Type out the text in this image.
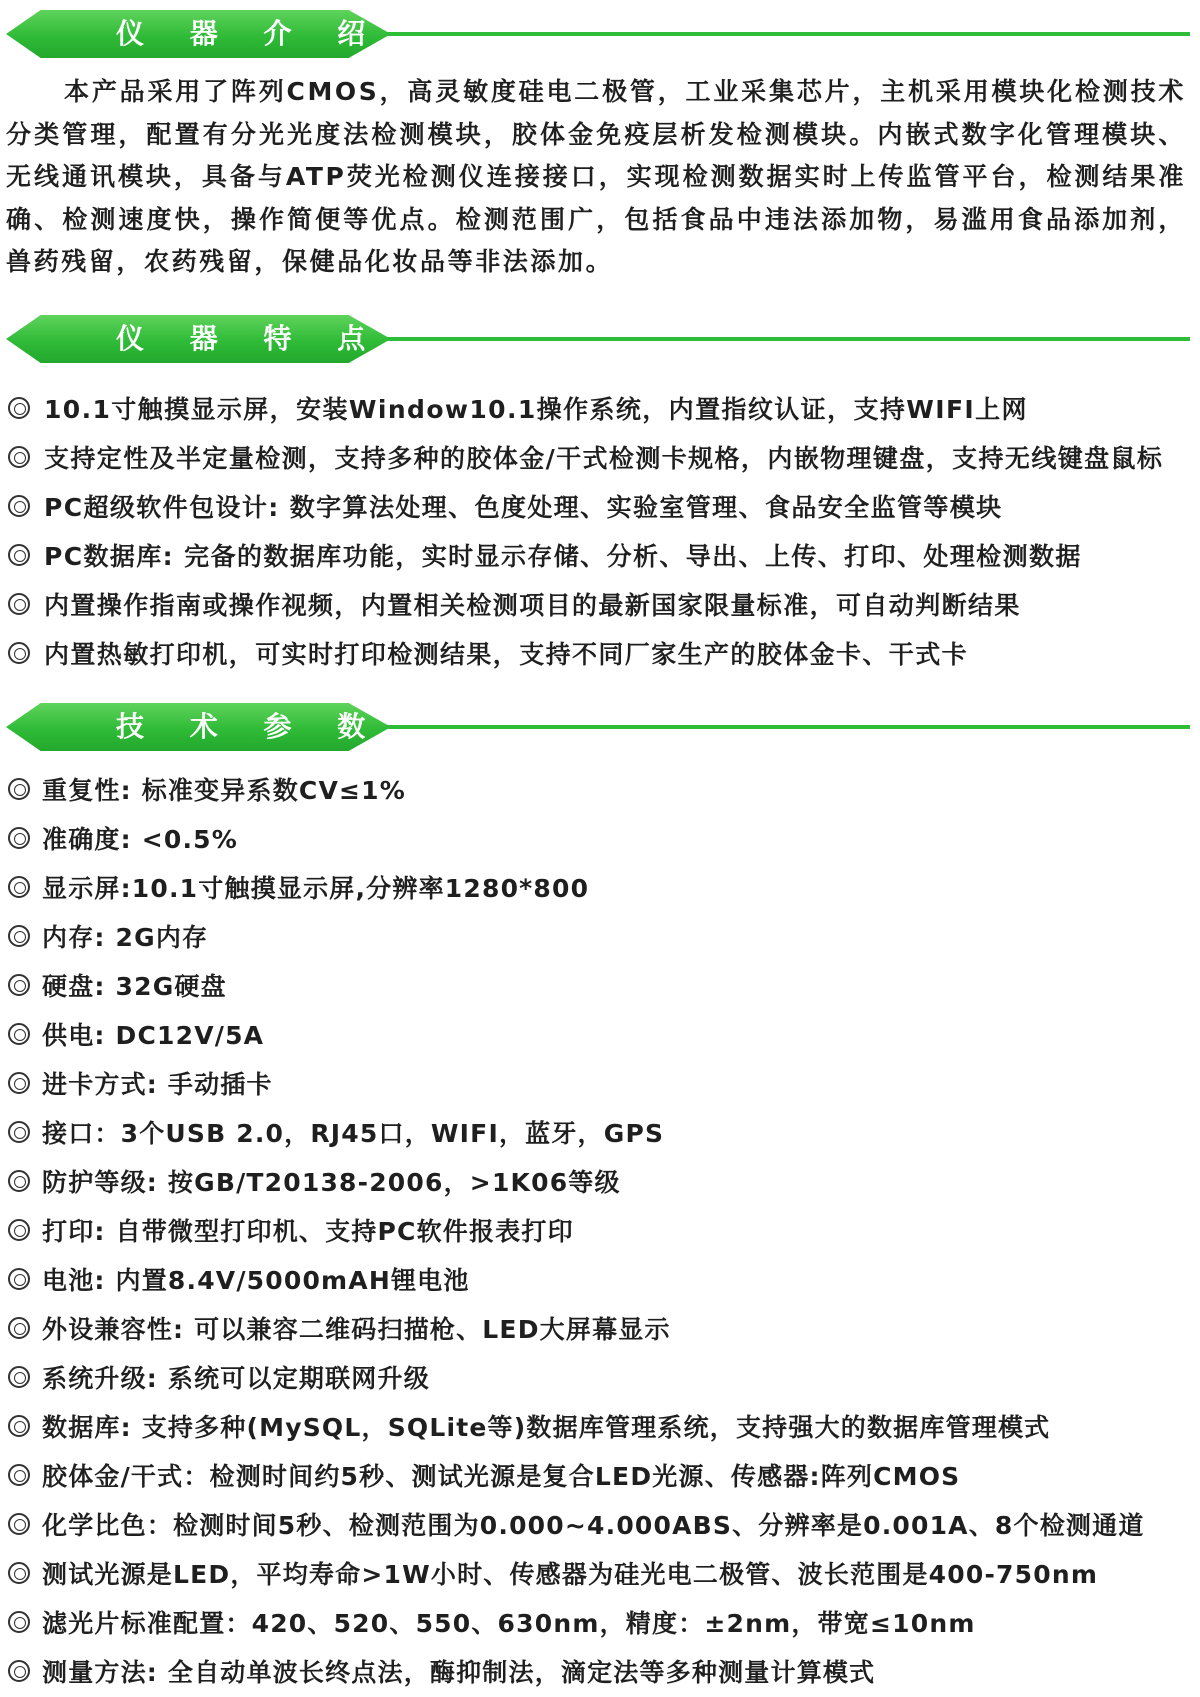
仪 器 介 绍

本产品采用了阵列CMOS，高灵敏度硅电二极管，工业采集芯片，主机采用模块化检测技术分类管理，配置有分光光度法检测模块，胶体金免疫层析发检测模块。内嵌式数字化管理模块、无线通讯模块，具备与ATP荧光检测仪连接接口，实现检测数据实时上传监管平台，检测结果准确、检测速度快，操作简便等优点。检测范围广，包括食品中违法添加物，易滥用食品添加剂，兽药残留，农药残留，保健品化妆品等非法添加。

仪 器 特 点
10.1寸触摸显示屏，安装Window10.1操作系统，内置指纹认证，支持WIFI上网
支持定性及半定量检测，支持多种的胶体金/干式检测卡规格，内嵌物理键盘，支持无线键盘鼠标
PC超级软件包设计: 数字算法处理、色度处理、实验室管理、食品安全监管等模块
PC数据库: 完备的数据库功能，实时显示存储、分析、导出、上传、打印、处理检测数据
内置操作指南或操作视频，内置相关检测项目的最新国家限量标准，可自动判断结果
内置热敏打印机，可实时打印检测结果，支持不同厂家生产的胶体金卡、干式卡
技 术 参 数
重复性: 标准变异系数CV≤1%
准确度: <0.5%
显示屏:10.1寸触摸显示屏,分辨率1280*800
内存: 2G内存
硬盘: 32G硬盘
供电: DC12V/5A
进卡方式: 手动插卡
接口：3个USB 2.0，RJ45口，WIFI，蓝牙，GPS
防护等级: 按GB/T20138-2006，>1K06等级
打印: 自带微型打印机、支持PC软件报表打印
电池: 内置8.4V/5000mAH锂电池
外设兼容性: 可以兼容二维码扫描枪、LED大屏幕显示
系统升级: 系统可以定期联网升级
数据库: 支持多种(MySQL，SQLite等)数据库管理系统，支持强大的数据库管理模式
胶体金/干式：检测时间约5秒、测试光源是复合LED光源、传感器:阵列CMOS
化学比色：检测时间5秒、检测范围为0.000~4.000ABS、分辨率是0.001A、8个检测通道
测试光源是LED，平均寿命>1W小时、传感器为硅光电二极管、波长范围是400-750nm
滤光片标准配置：420、520、550、630nm，精度：±2nm，带宽≤10nm
测量方法: 全自动单波长终点法，酶抑制法，滴定法等多种测量计算模式
